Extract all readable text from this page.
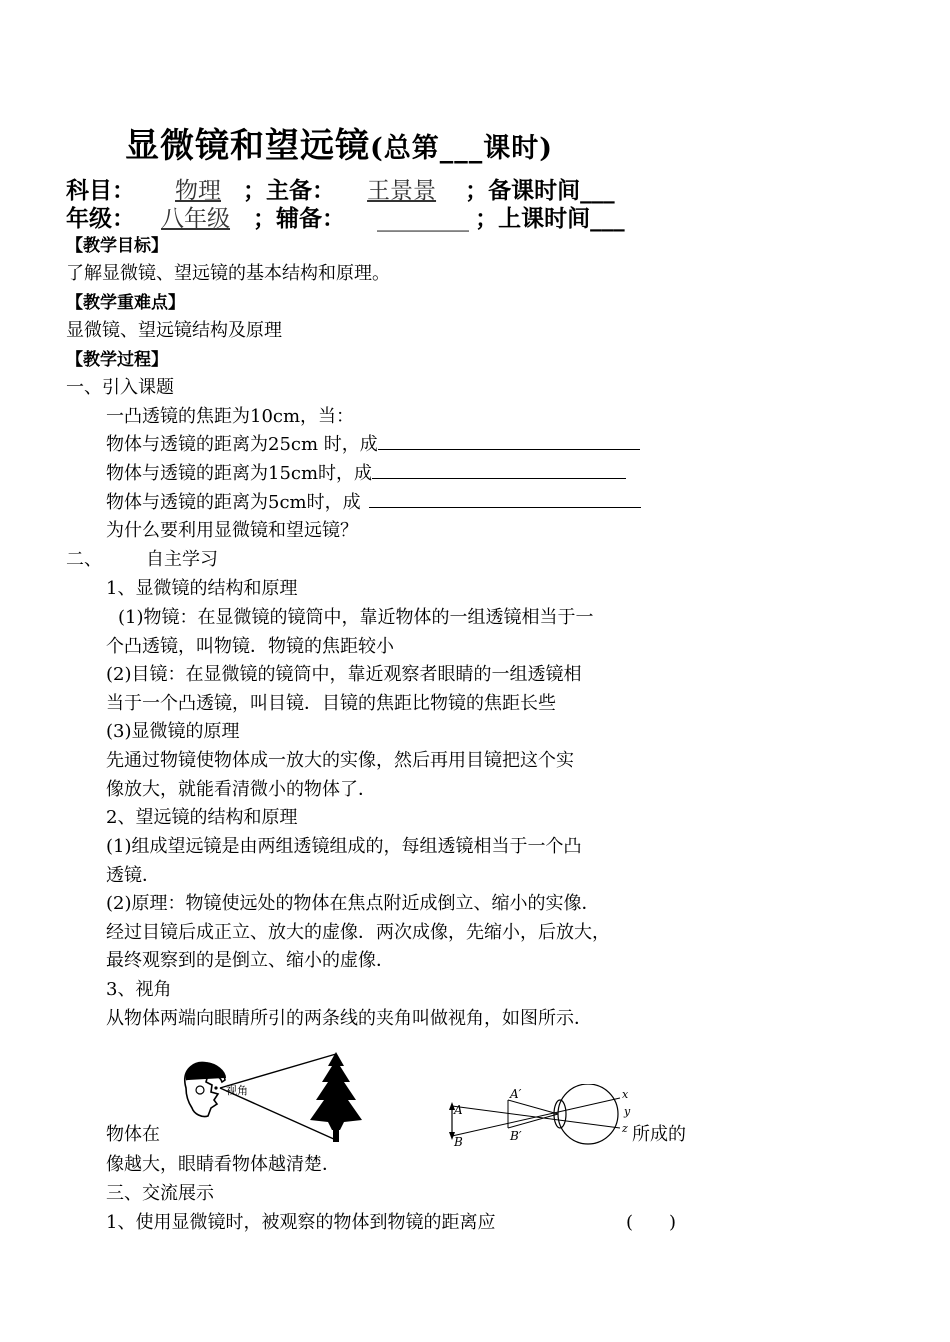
显微镜和望远镜(总第___课时)
科目： 物理 ；主备： 王景景 ；备课时间___
年级： 八年级 ；辅备： ________ ；上课时间___
【教学目标】
了解显微镜、望远镜的基本结构和原理。
【教学重难点】
显微镜、望远镜结构及原理
【教学过程】
一、引入课题
一凸透镜的焦距为10cm，当：
物体与透镜的距离为25cm 时，成
物体与透镜的距离为15cm时，成
物体与透镜的距离为5cm时，成
为什么要利用显微镜和望远镜？
二、 自主学习
1、显微镜的结构和原理
(1)物镜：在显微镜的镜筒中，靠近物体的一组透镜相当于一
个凸透镜，叫物镜．物镜的焦距较小
(2)目镜：在显微镜的镜筒中，靠近观察者眼睛的一组透镜相
当于一个凸透镜，叫目镜．目镜的焦距比物镜的焦距长些
(3)显微镜的原理
先通过物镜使物体成一放大的实像，然后再用目镜把这个实
像放大，就能看清微小的物体了．
2、望远镜的结构和原理
(1)组成望远镜是由两组透镜组成的，每组透镜相当于一个凸
透镜．
(2)原理：物镜使远处的物体在焦点附近成倒立、缩小的实像．
经过目镜后成正立、放大的虚像．两次成像，先缩小，后放大，
最终观察到的是倒立、缩小的虚像．
3、视角
从物体两端向眼睛所引的两条线的夹角叫做视角，如图所示．
视角
A
B
A′
B′
x
y
z
物体在	所成的
像越大，眼睛看物体越清楚．
三、交流展示
1、使用显微镜时，被观察的物体到物镜的距离应	(　　)
